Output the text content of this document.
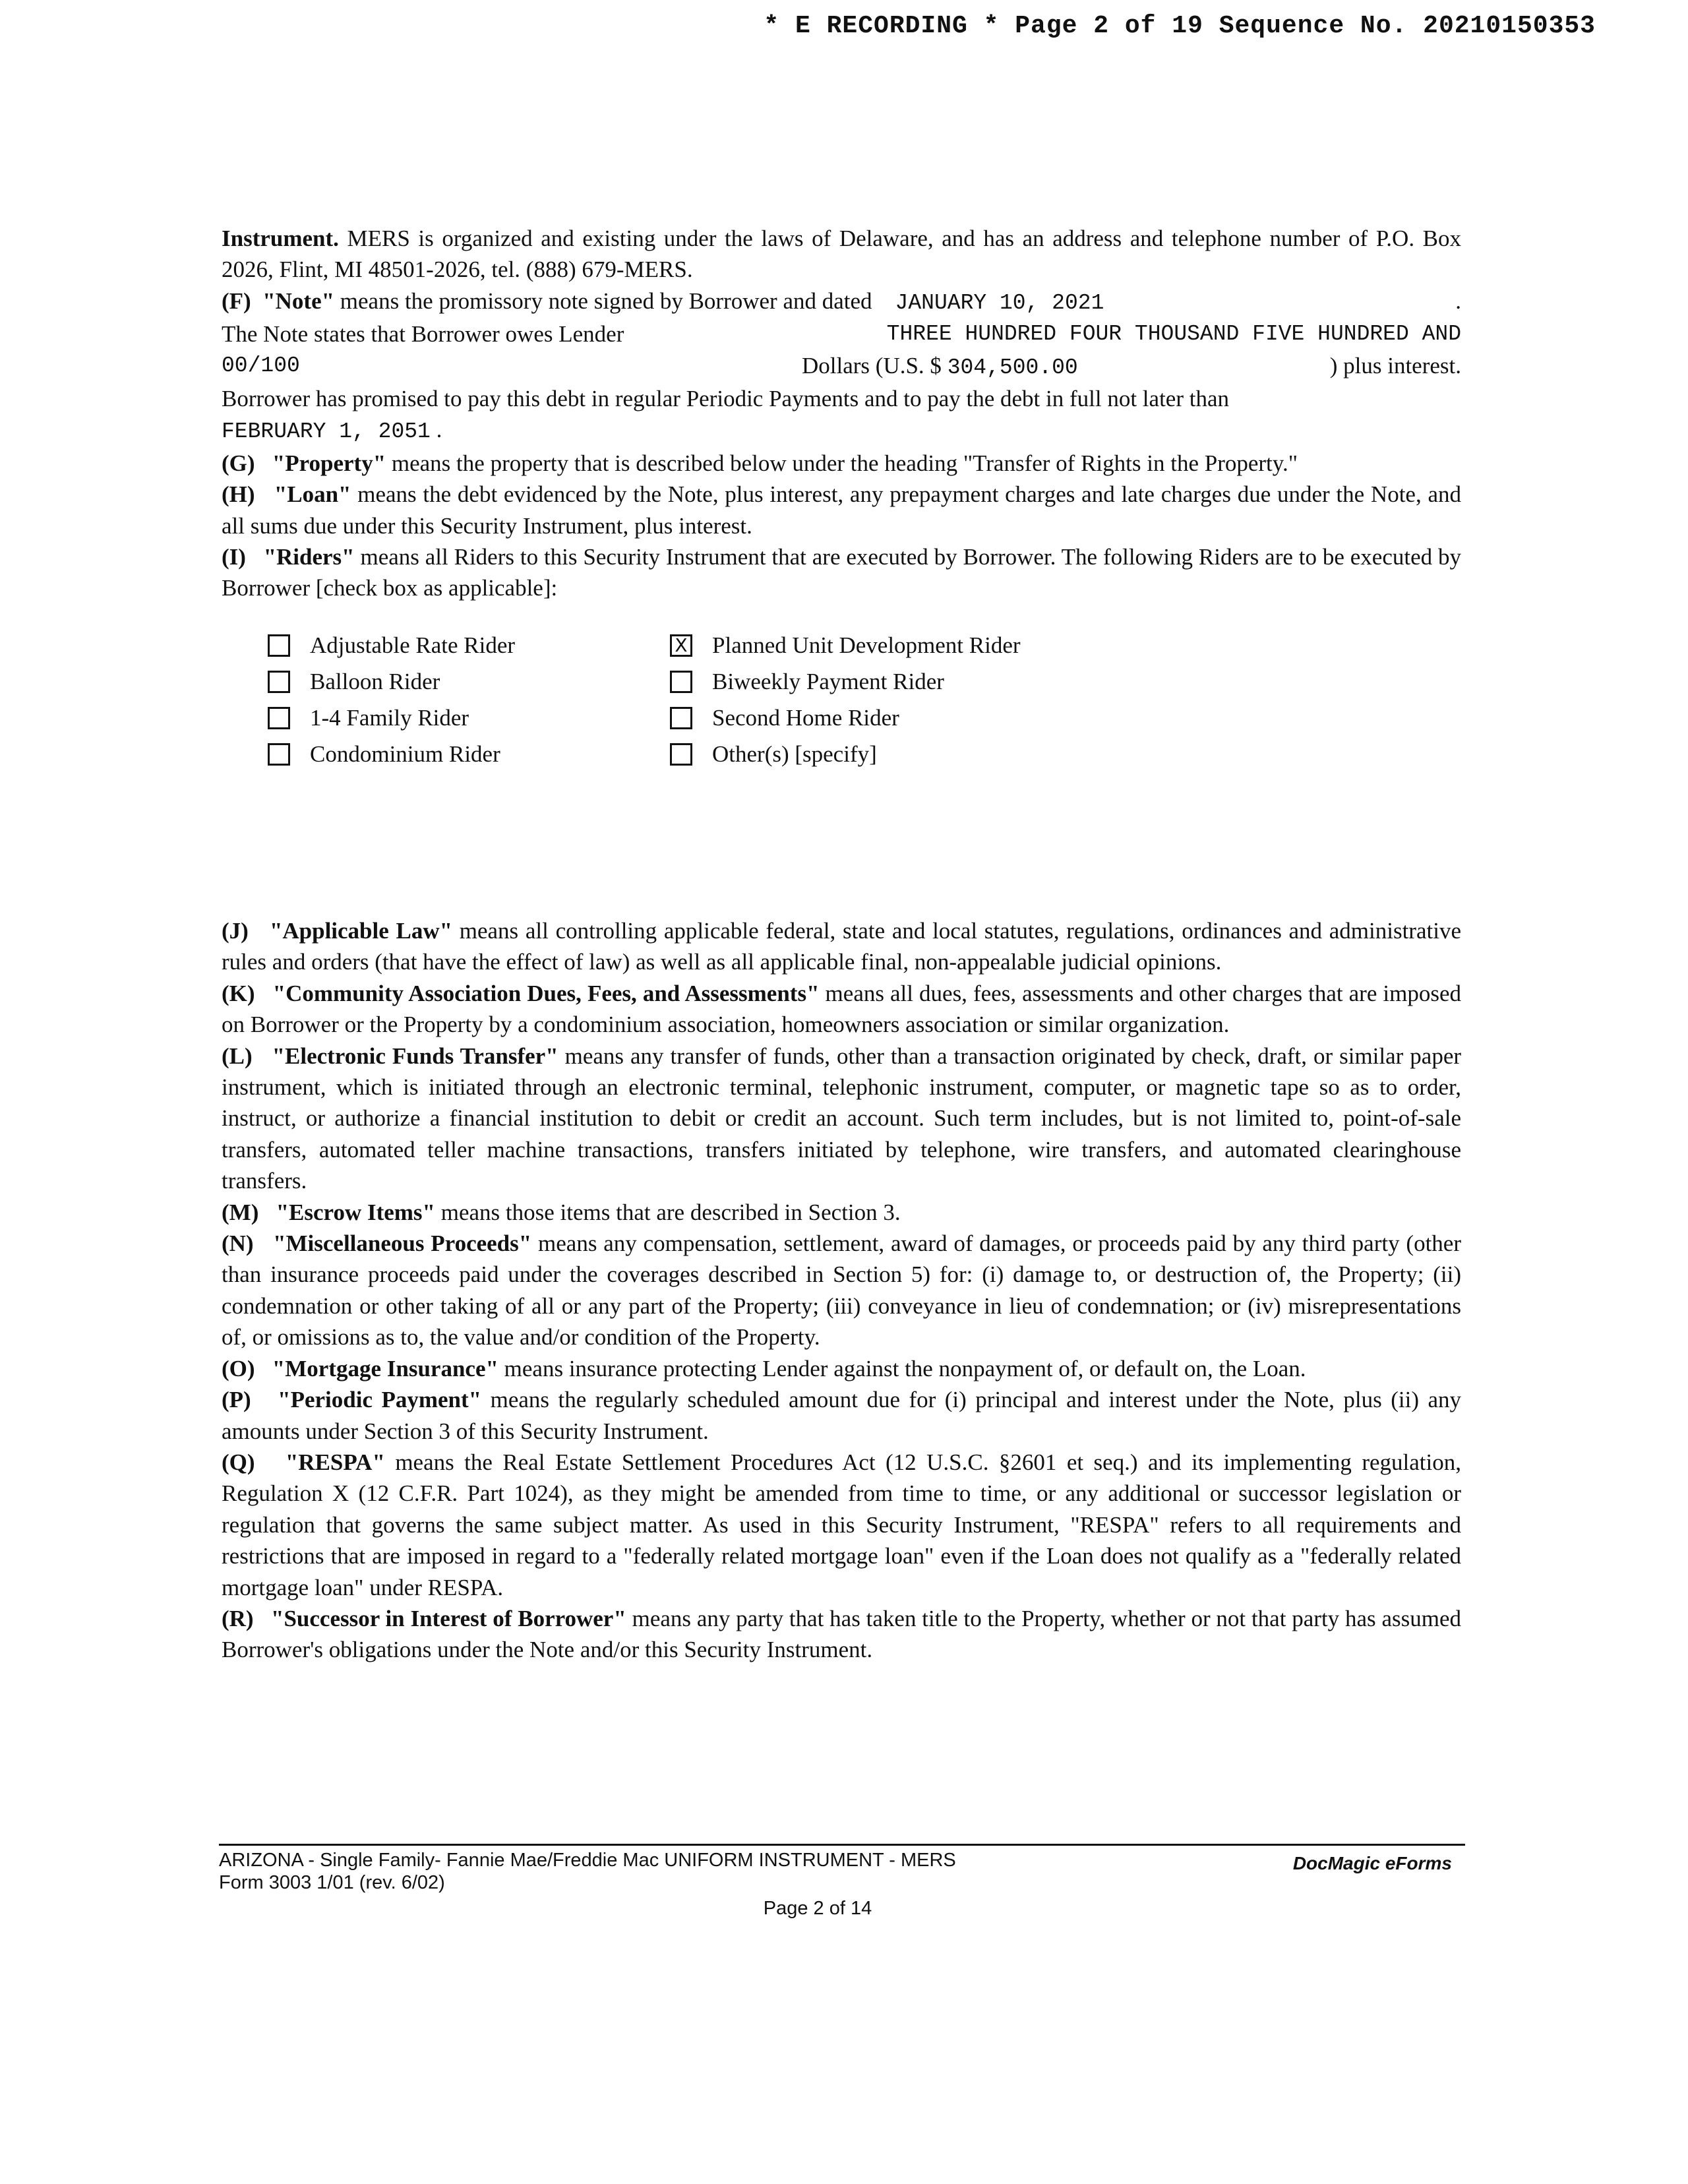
* E RECORDING * Page 2 of 19 Sequence No. 20210150353

Instrument. MERS is organized and existing under the laws of Delaware, and has an address and telephone number of P.O. Box 2026, Flint, MI 48501-2026, tel. (888) 679-MERS.

(F) "Note" means the promissory note signed by Borrower and dated JANUARY 10, 2021	.
The Note states that Borrower owes Lender	THREE HUNDRED FOUR THOUSAND FIVE HUNDRED AND
00/100	Dollars (U.S. $ 304,500.00	) plus interest.

Borrower has promised to pay this debt in regular Periodic Payments and to pay the debt in full not later than
FEBRUARY 1, 2051 .

(G) "Property" means the property that is described below under the heading "Transfer of Rights in the Property."

(H) "Loan" means the debt evidenced by the Note, plus interest, any prepayment charges and late charges due under the Note, and all sums due under this Security Instrument, plus interest.

(I) "Riders" means all Riders to this Security Instrument that are executed by Borrower. The following Riders are to be executed by Borrower [check box as applicable]:

Adjustable Rate Rider	X Planned Unit Development Rider
Balloon Rider	Biweekly Payment Rider
1-4 Family Rider	Second Home Rider
Condominium Rider	Other(s) [specify]

(J) "Applicable Law" means all controlling applicable federal, state and local statutes, regulations, ordinances and administrative rules and orders (that have the effect of law) as well as all applicable final, non-appealable judicial opinions.

(K) "Community Association Dues, Fees, and Assessments" means all dues, fees, assessments and other charges that are imposed on Borrower or the Property by a condominium association, homeowners association or similar organization.

(L) "Electronic Funds Transfer" means any transfer of funds, other than a transaction originated by check, draft, or similar paper instrument, which is initiated through an electronic terminal, telephonic instrument, computer, or magnetic tape so as to order, instruct, or authorize a financial institution to debit or credit an account. Such term includes, but is not limited to, point-of-sale transfers, automated teller machine transactions, transfers initiated by telephone, wire transfers, and automated clearinghouse transfers.

(M) "Escrow Items" means those items that are described in Section 3.

(N) "Miscellaneous Proceeds" means any compensation, settlement, award of damages, or proceeds paid by any third party (other than insurance proceeds paid under the coverages described in Section 5) for: (i) damage to, or destruction of, the Property; (ii) condemnation or other taking of all or any part of the Property; (iii) conveyance in lieu of condemnation; or (iv) misrepresentations of, or omissions as to, the value and/or condition of the Property.

(O) "Mortgage Insurance" means insurance protecting Lender against the nonpayment of, or default on, the Loan.

(P) "Periodic Payment" means the regularly scheduled amount due for (i) principal and interest under the Note, plus (ii) any amounts under Section 3 of this Security Instrument.

(Q) "RESPA" means the Real Estate Settlement Procedures Act (12 U.S.C. §2601 et seq.) and its implementing regulation, Regulation X (12 C.F.R. Part 1024), as they might be amended from time to time, or any additional or successor legislation or regulation that governs the same subject matter. As used in this Security Instrument, "RESPA" refers to all requirements and restrictions that are imposed in regard to a "federally related mortgage loan" even if the Loan does not qualify as a "federally related mortgage loan" under RESPA.

(R) "Successor in Interest of Borrower" means any party that has taken title to the Property, whether or not that party has assumed Borrower's obligations under the Note and/or this Security Instrument.

ARIZONA - Single Family- Fannie Mae/Freddie Mac UNIFORM INSTRUMENT - MERS
Form 3003 1/01 (rev. 6/02)
DocMagic eForms
Page 2 of 14
